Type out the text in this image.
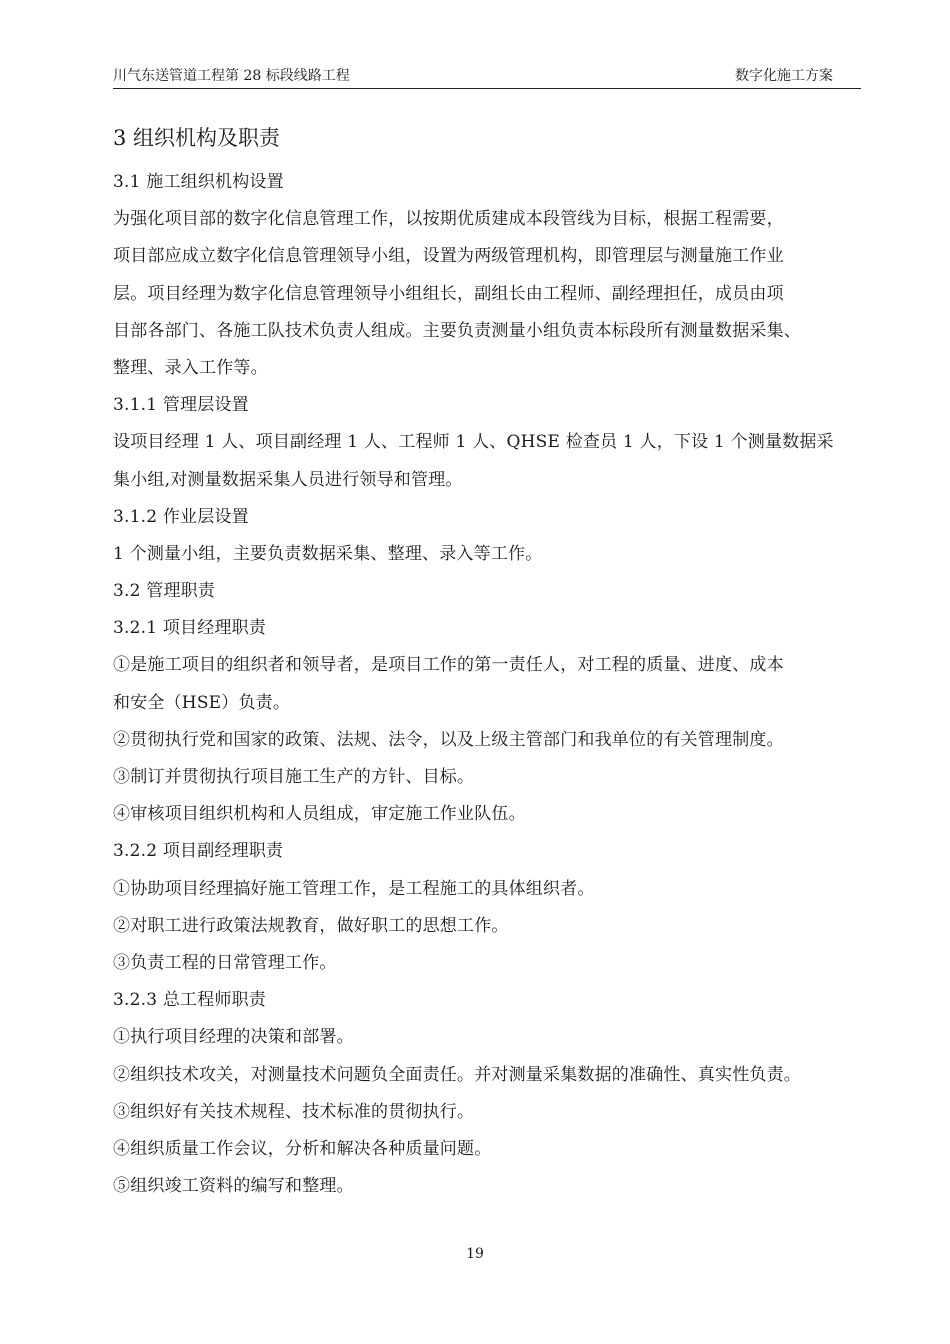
川气东送管道工程第 28 标段线路工程	数字化施工方案
3 组织机构及职责
3.1 施工组织机构设置
为强化项目部的数字化信息管理工作，以按期优质建成本段管线为目标，根据工程需要，
项目部应成立数字化信息管理领导小组，设置为两级管理机构，即管理层与测量施工作业
层。项目经理为数字化信息管理领导小组组长，副组长由工程师、副经理担任，成员由项
目部各部门、各施工队技术负责人组成。主要负责测量小组负责本标段所有测量数据采集、
整理、录入工作等。
3.1.1 管理层设置
设项目经理 1 人、项目副经理 1 人、工程师 1 人、QHSE 检查员 1 人，下设 1 个测量数据采
集小组,对测量数据采集人员进行领导和管理。
3.1.2 作业层设置
1 个测量小组，主要负责数据采集、整理、录入等工作。
3.2 管理职责
3.2.1 项目经理职责
①是施工项目的组织者和领导者，是项目工作的第一责任人，对工程的质量、进度、成本
和安全（HSE）负责。
②贯彻执行党和国家的政策、法规、法令，以及上级主管部门和我单位的有关管理制度。
③制订并贯彻执行项目施工生产的方针、目标。
④审核项目组织机构和人员组成，审定施工作业队伍。
3.2.2 项目副经理职责
①协助项目经理搞好施工管理工作，是工程施工的具体组织者。
②对职工进行政策法规教育，做好职工的思想工作。
③负责工程的日常管理工作。
3.2.3 总工程师职责
①执行项目经理的决策和部署。
②组织技术攻关，对测量技术问题负全面责任。并对测量采集数据的准确性、真实性负责。
③组织好有关技术规程、技术标准的贯彻执行。
④组织质量工作会议，分析和解决各种质量问题。
⑤组织竣工资料的编写和整理。
19
